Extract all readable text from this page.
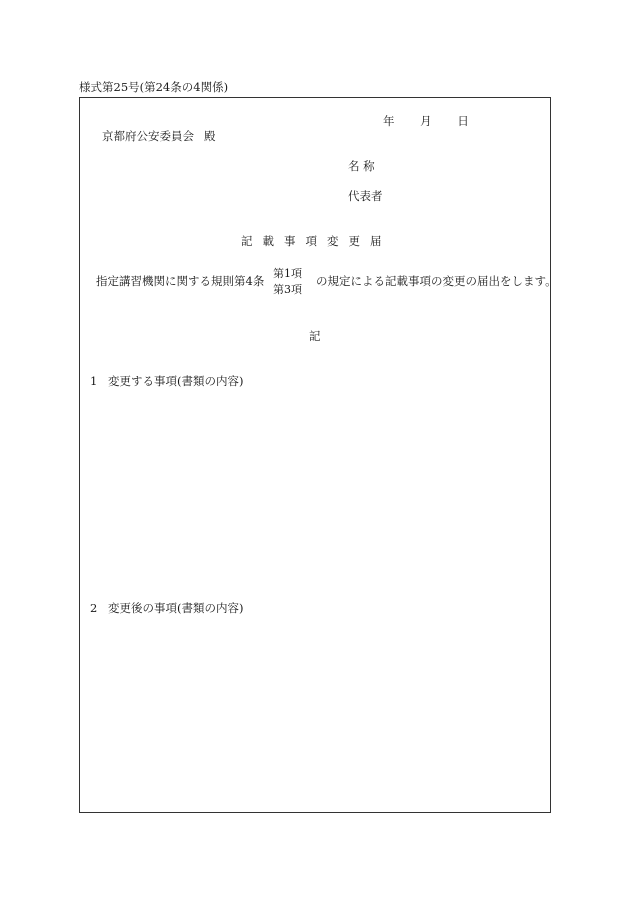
様式第25号(第24条の4関係)
年 月 日
京都府公安委員会 殿
名 称
代表者
記載事項変更届
指定講習機関に関する規則第4条
第1項
第3項
の規定による記載事項の変更の届出をします。
記
1 変更する事項(書類の内容)
2 変更後の事項(書類の内容)
